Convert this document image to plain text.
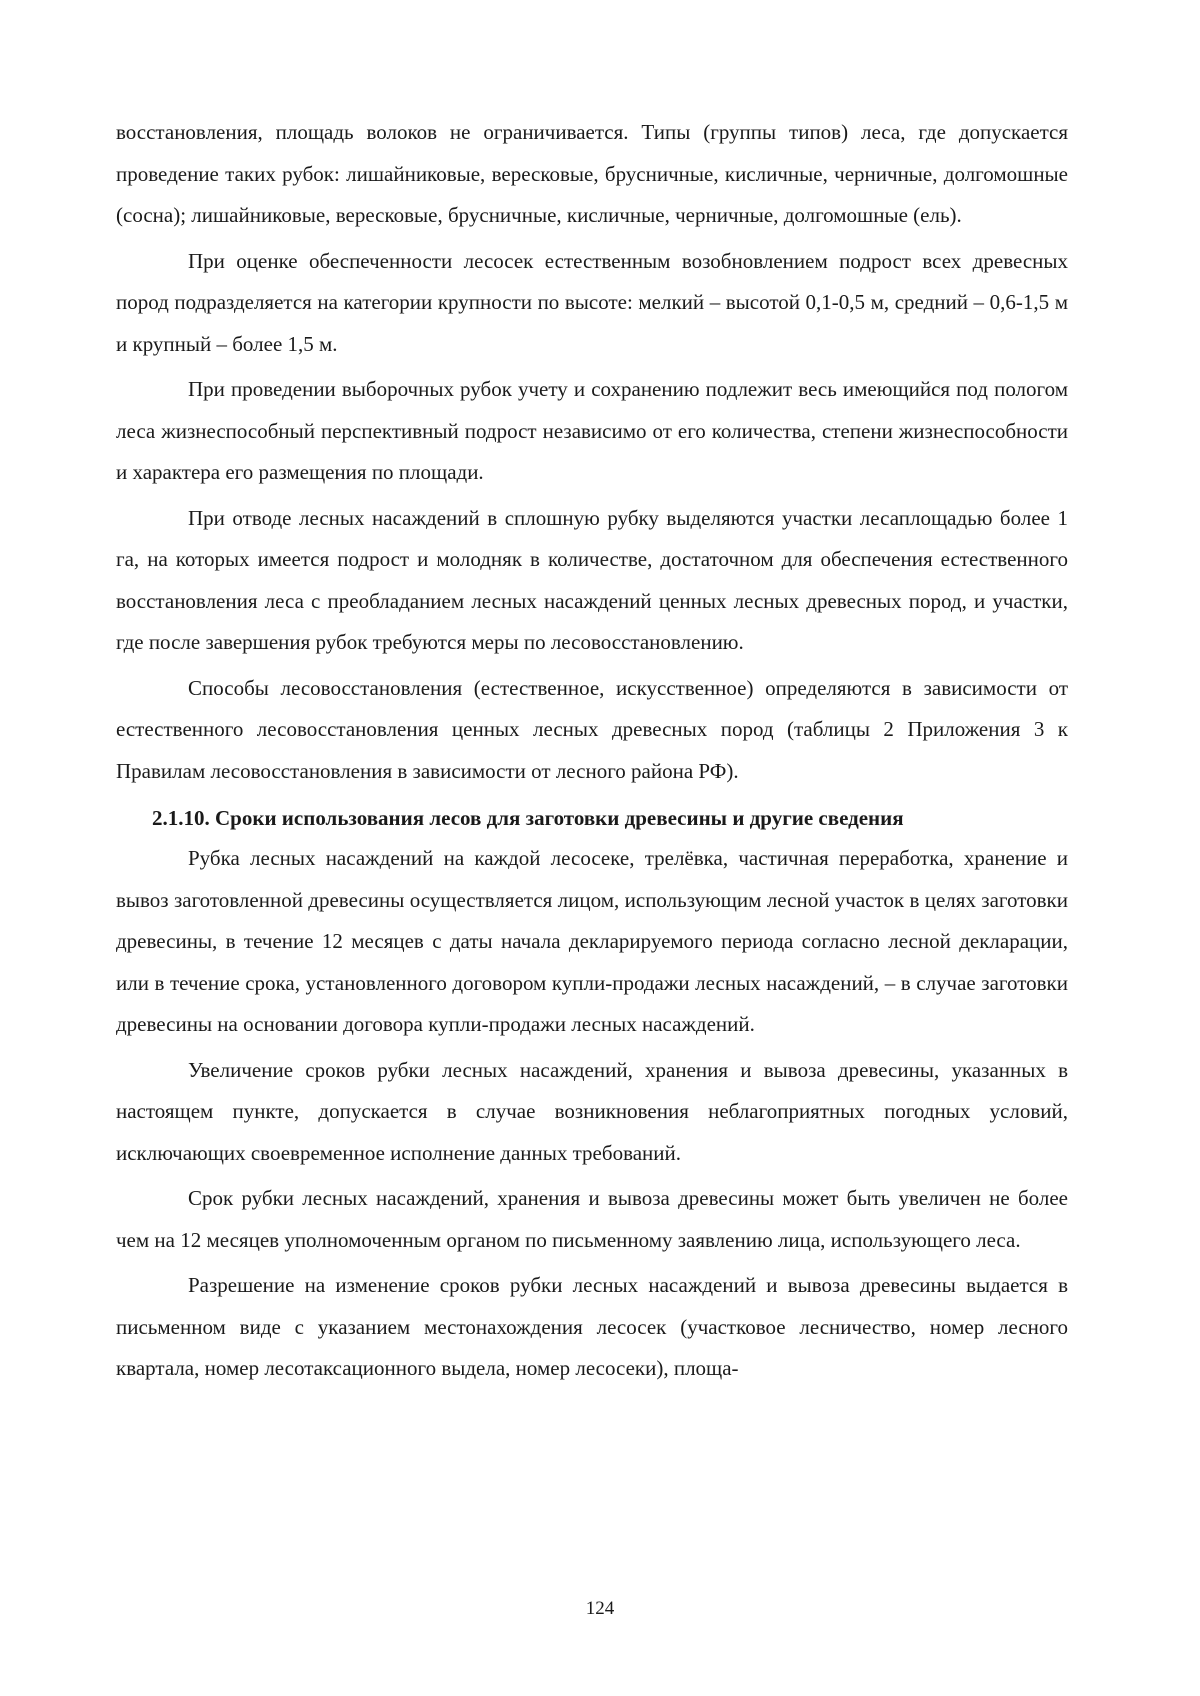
восстановления, площадь волоков не ограничивается. Типы (группы типов) леса, где допускается проведение таких рубок: лишайниковые, вересковые, брусничные, кисличные, черничные, долгомошные (сосна); лишайниковые, вересковые, брусничные, кисличные, черничные, долгомошные (ель).

При оценке обеспеченности лесосек естественным возобновлением подрост всех древесных пород подразделяется на категории крупности по высоте: мелкий – высотой 0,1-0,5 м, средний – 0,6-1,5 м и крупный – более 1,5 м.

При проведении выборочных рубок учету и сохранению подлежит весь имеющийся под пологом леса жизнеспособный перспективный подрост независимо от его количества, степени жизнеспособности и характера его размещения по площади.

При отводе лесных насаждений в сплошную рубку выделяются участки лесаплощадью более 1 га, на которых имеется подрост и молодняк в количестве, достаточном для обеспечения естественного восстановления леса с преобладанием лесных насаждений ценных лесных древесных пород, и участки, где после завершения рубок требуются меры по лесовосстановлению.

Способы лесовосстановления (естественное, искусственное) определяются в зависимости от естественного лесовосстановления ценных лесных древесных пород (таблицы 2 Приложения 3 к Правилам лесовосстановления в зависимости от лесного района РФ).

2.1.10. Сроки использования лесов для заготовки древесины и другие сведения

Рубка лесных насаждений на каждой лесосеке, трелёвка, частичная переработка, хранение и вывоз заготовленной древесины осуществляется лицом, использующим лесной участок в целях заготовки древесины, в течение 12 месяцев с даты начала декларируемого периода согласно лесной декларации, или в течение срока, установленного договором купли-продажи лесных насаждений, – в случае заготовки древесины на основании договора купли-продажи лесных насаждений.

Увеличение сроков рубки лесных насаждений, хранения и вывоза древесины, указанных в настоящем пункте, допускается в случае возникновения неблагоприятных погодных условий, исключающих своевременное исполнение данных требований.

Срок рубки лесных насаждений, хранения и вывоза древесины может быть увеличен не более чем на 12 месяцев уполномоченным органом по письменному заявлению лица, использующего леса.

Разрешение на изменение сроков рубки лесных насаждений и вывоза древесины выдается в письменном виде с указанием местонахождения лесосек (участковое лесничество, номер лесного квартала, номер лесотаксационного выдела, номер лесосеки), площа-

124
